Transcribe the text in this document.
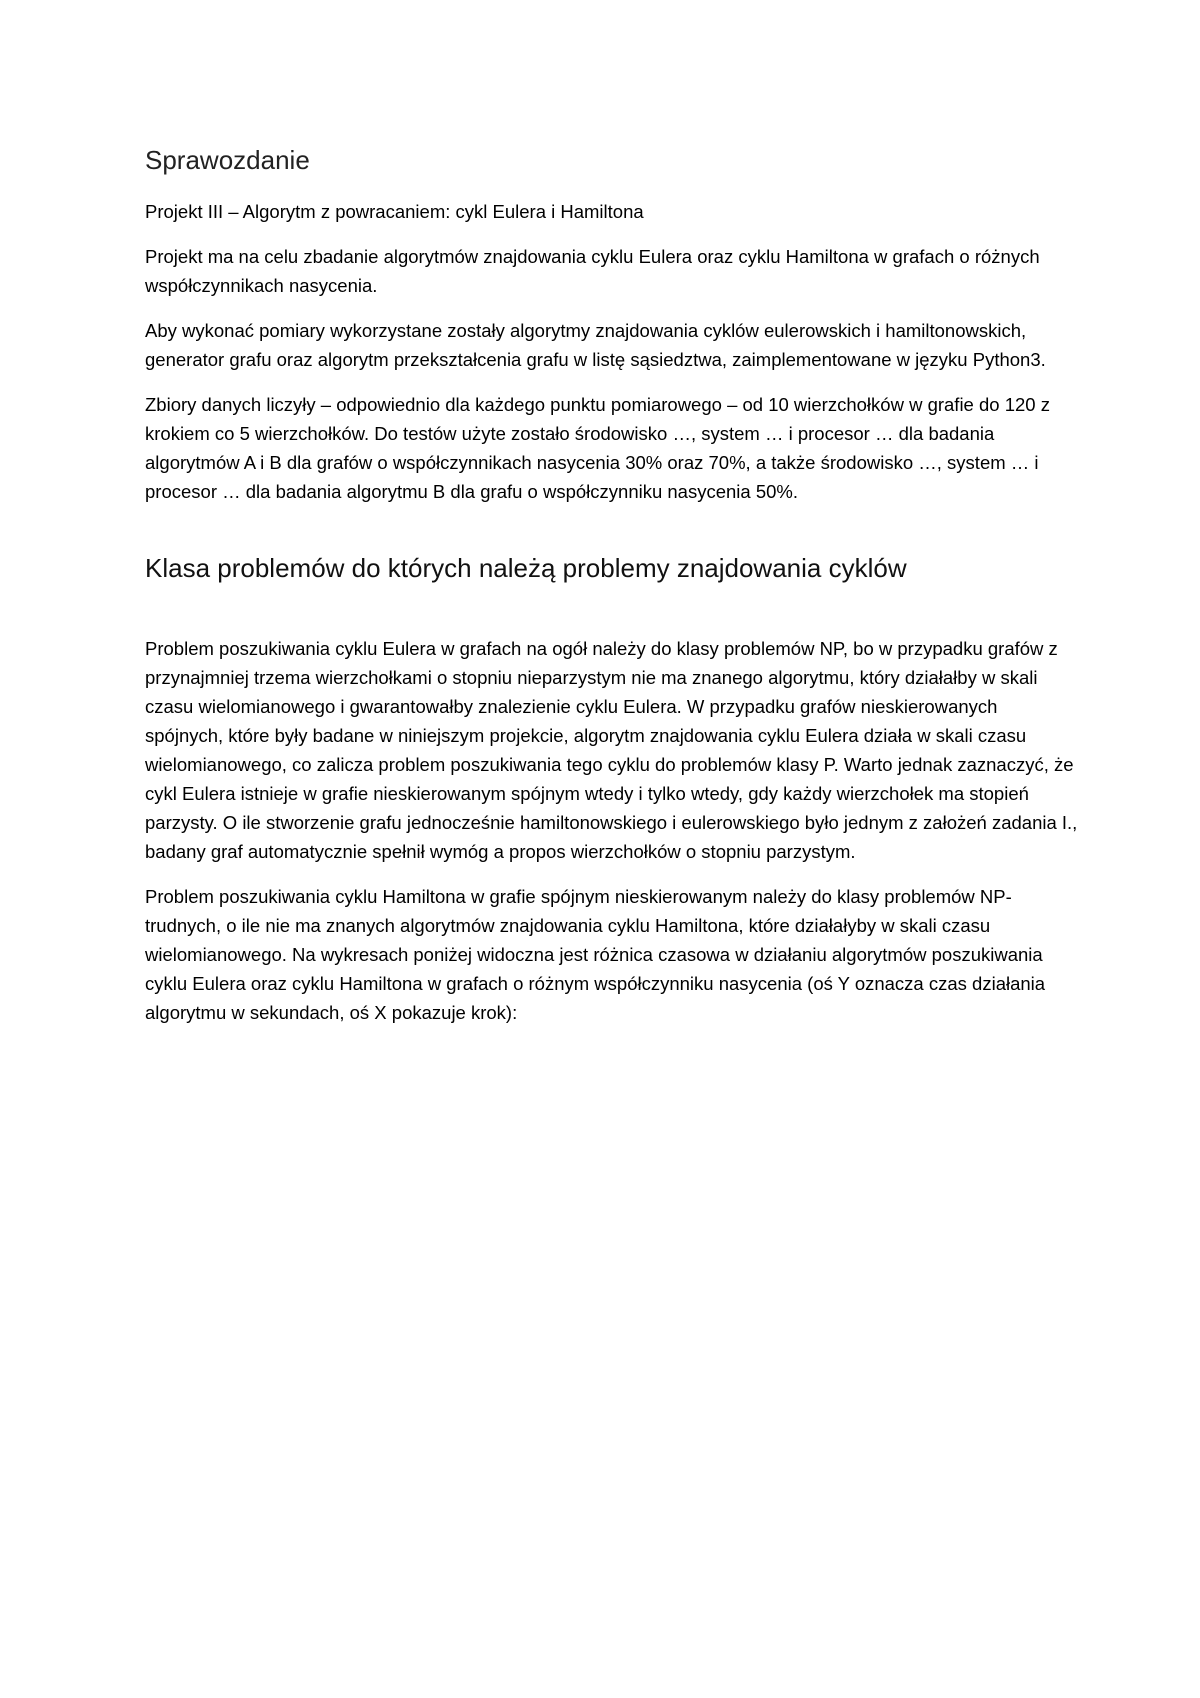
Sprawozdanie

Projekt III – Algorytm z powracaniem: cykl Eulera i Hamiltona

Projekt ma na celu zbadanie algorytmów znajdowania cyklu Eulera oraz cyklu Hamiltona w grafach o różnych współczynnikach nasycenia.

Aby wykonać pomiary wykorzystane zostały algorytmy znajdowania cyklów eulerowskich i hamiltonowskich, generator grafu oraz algorytm przekształcenia grafu w listę sąsiedztwa, zaimplementowane w języku Python3.

Zbiory danych liczyły – odpowiednio dla każdego punktu pomiarowego – od 10 wierzchołków w grafie do 120 z krokiem co 5 wierzchołków. Do testów użyte zostało środowisko …, system … i procesor … dla badania algorytmów A i B dla grafów o współczynnikach nasycenia 30% oraz 70%, a także środowisko …, system … i procesor … dla badania algorytmu B dla grafu o współczynniku nasycenia 50%.

Klasa problemów do których należą problemy znajdowania cyklów

Problem poszukiwania cyklu Eulera w grafach na ogół należy do klasy problemów NP, bo w przypadku grafów z przynajmniej trzema wierzchołkami o stopniu nieparzystym nie ma znanego algorytmu, który działałby w skali czasu wielomianowego i gwarantowałby znalezienie cyklu Eulera. W przypadku grafów nieskierowanych spójnych, które były badane w niniejszym projekcie, algorytm znajdowania cyklu Eulera działa w skali czasu wielomianowego, co zalicza problem poszukiwania tego cyklu do problemów klasy P. Warto jednak zaznaczyć, że cykl Eulera istnieje w grafie nieskierowanym spójnym wtedy i tylko wtedy, gdy każdy wierzchołek ma stopień parzysty. O ile stworzenie grafu jednocześnie hamiltonowskiego i eulerowskiego było jednym z założeń zadania I., badany graf automatycznie spełnił wymóg a propos wierzchołków o stopniu parzystym.

Problem poszukiwania cyklu Hamiltona w grafie spójnym nieskierowanym należy do klasy problemów NP-trudnych, o ile nie ma znanych algorytmów znajdowania cyklu Hamiltona, które działałyby w skali czasu wielomianowego. Na wykresach poniżej widoczna jest różnica czasowa w działaniu algorytmów poszukiwania cyklu Eulera oraz cyklu Hamiltona w grafach o różnym współczynniku nasycenia (oś Y oznacza czas działania algorytmu w sekundach, oś X pokazuje krok):
